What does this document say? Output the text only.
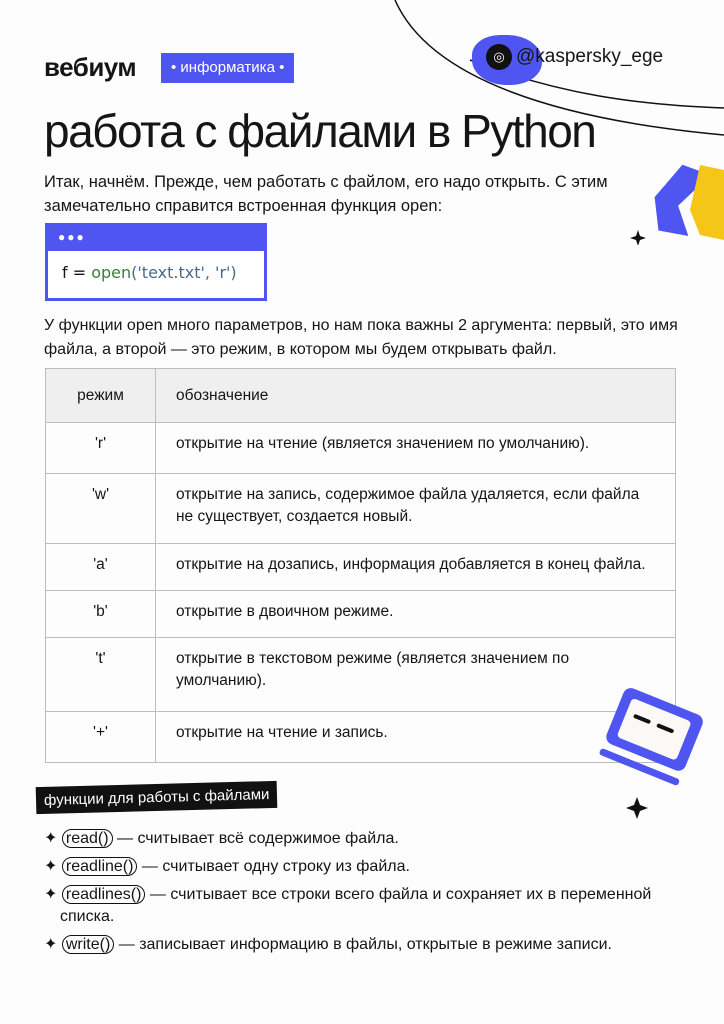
вебиум	• информатика •
◎ @kaspersky_ege
работа с файлами в Python
Итак, начнём. Прежде, чем работать с файлом, его надо открыть. С этим замечательно справится встроенная функция open:
●●●
f = open('text.txt', 'r')
У функции open много параметров, но нам пока важны 2 аргумента: первый, это имя файла, а второй — это режим, в котором мы будем открывать файл.
режим	обозначение
'r'	открытие на чтение (является значением по умолчанию).
'w'	открытие на запись, содержимое файла удаляется, если файла не существует, создается новый.
'a'	открытие на дозапись, информация добавляется в конец файла.
'b'	открытие в двоичном режиме.
't'	открытие в текстовом режиме (является значением по умолчанию).
'+'	открытие на чтение и запись.
функции для работы с файлами
✦ read() — считывает всё содержимое файла.
✦ readline() — считывает одну строку из файла.
✦ readlines() — считывает все строки всего файла и сохраняет их в переменной списка.
✦ write() — записывает информацию в файлы, открытые в режиме записи.
